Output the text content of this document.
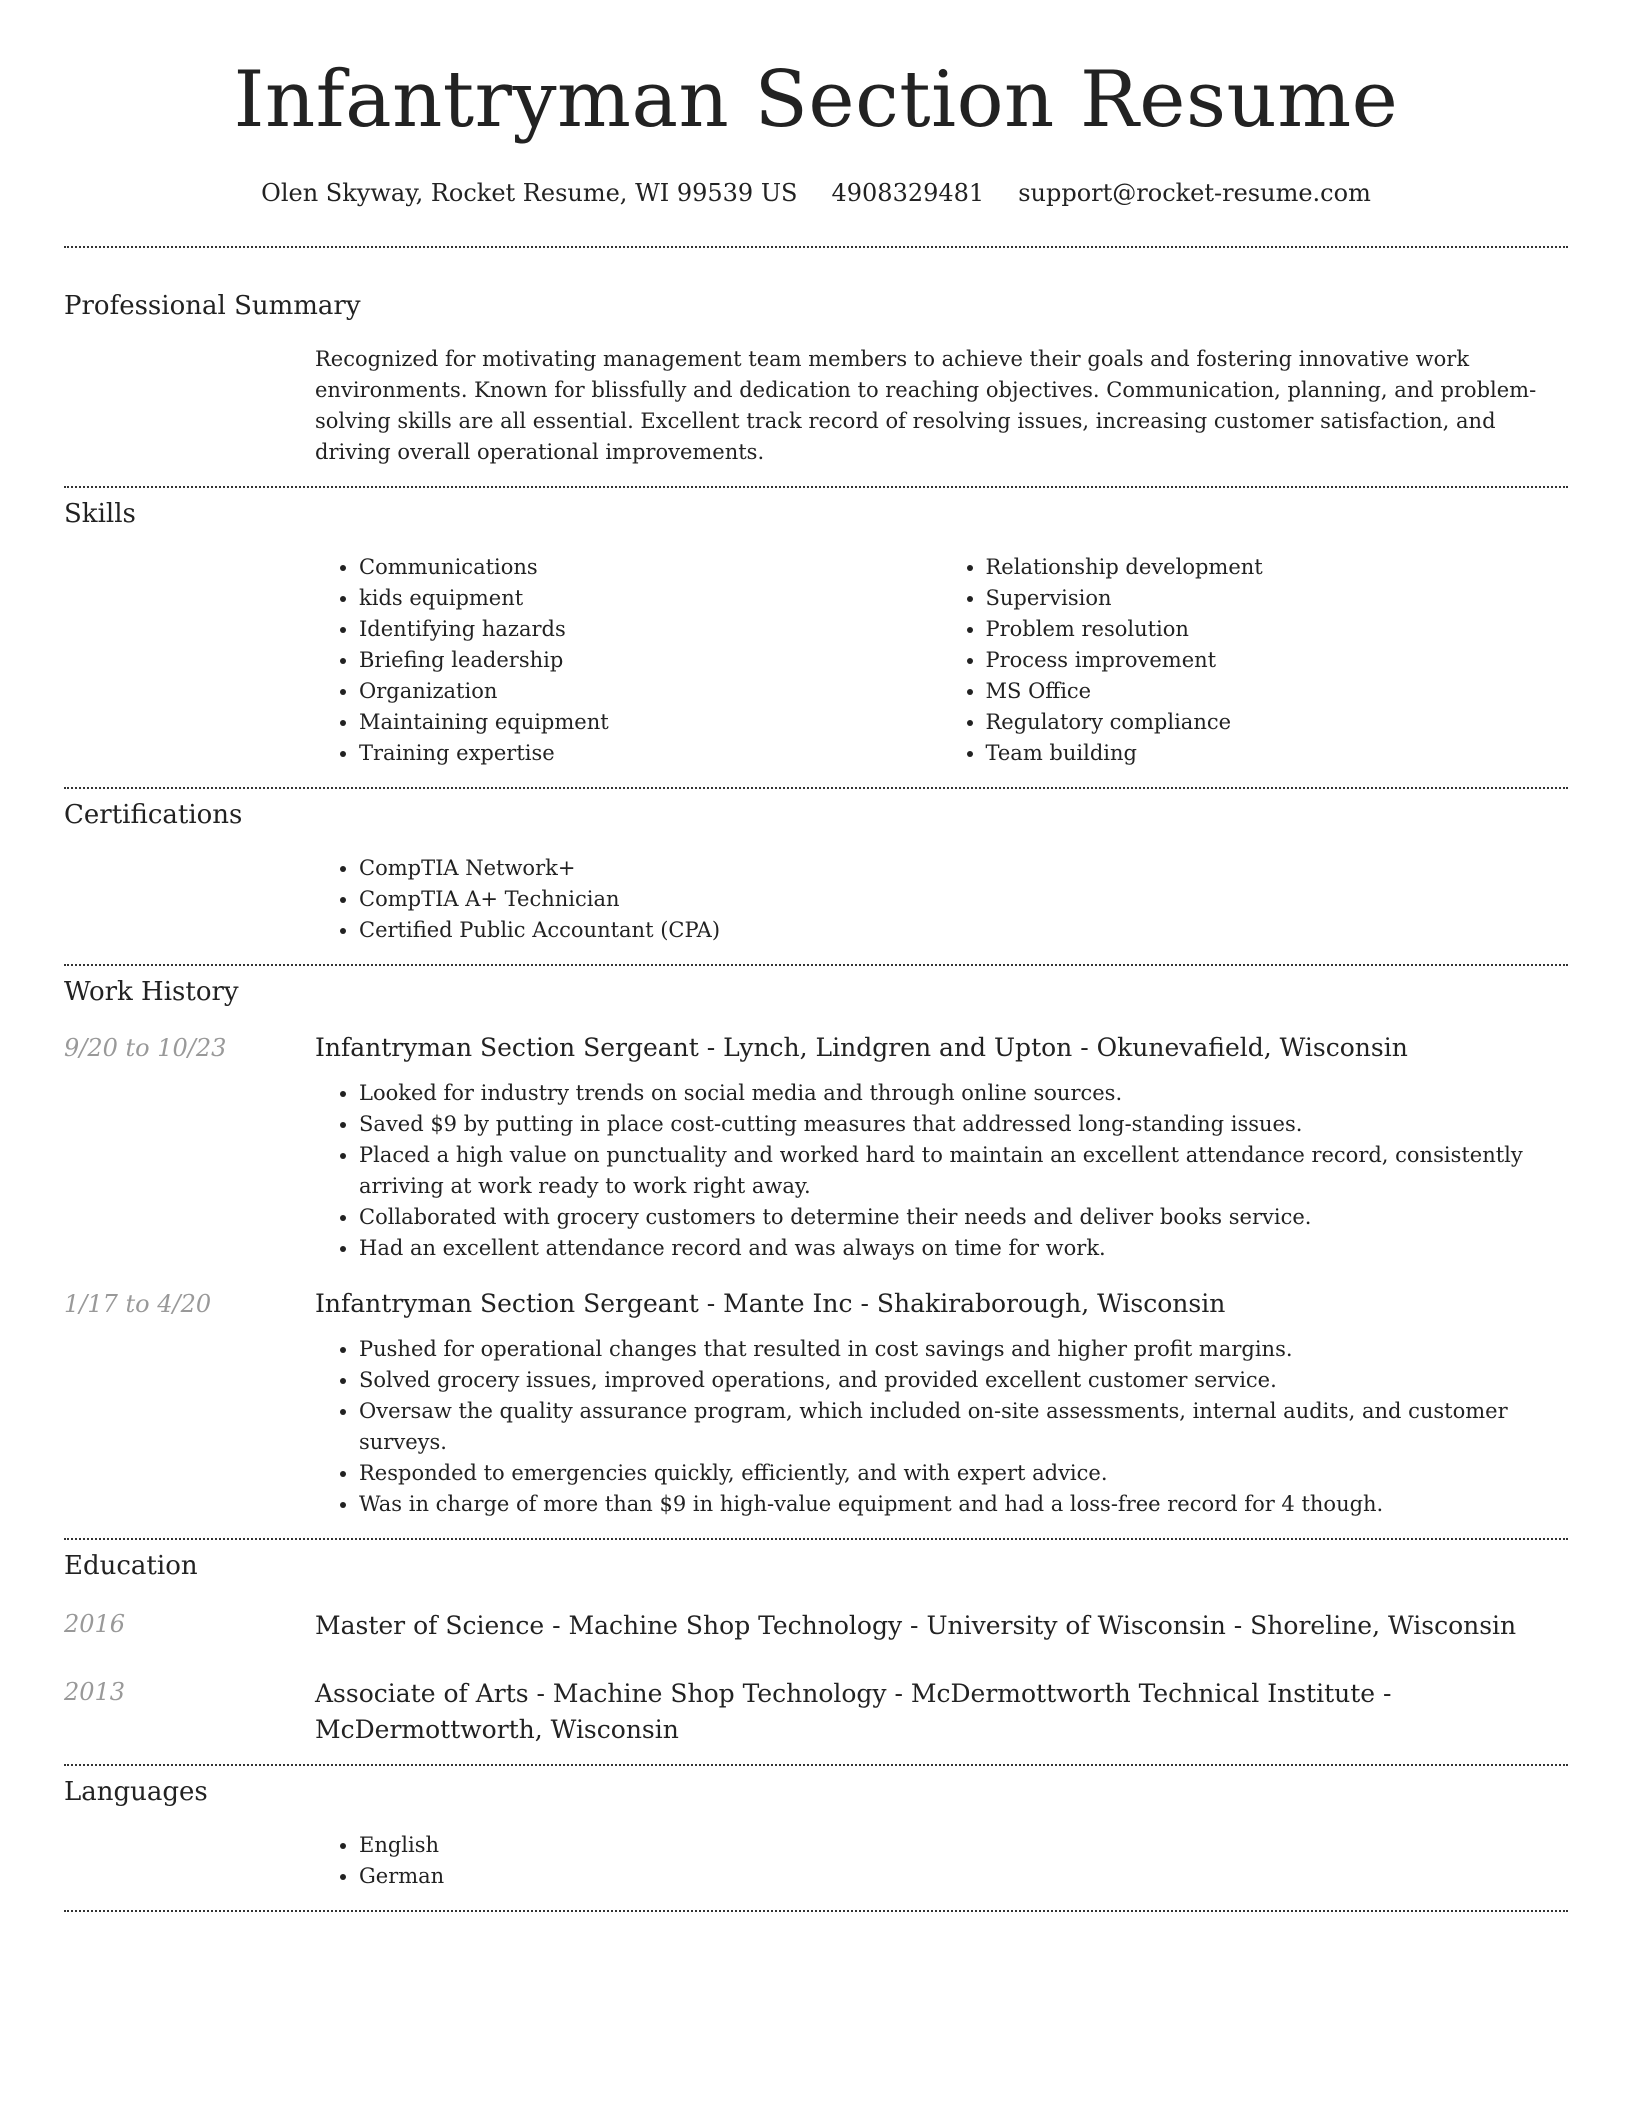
Infantryman Section Resume
Olen Skyway, Rocket Resume, WI 99539 US 4908329481 support@rocket-resume.com
Professional Summary
Recognized for motivating management team members to achieve their goals and fostering innovative work environments. Known for blissfully and dedication to reaching objectives. Communication, planning, and problem-solving skills are all essential. Excellent track record of resolving issues, increasing customer satisfaction, and driving overall operational improvements.
Skills
• Communications
• kids equipment
• Identifying hazards
• Briefing leadership
• Organization
• Maintaining equipment
• Training expertise
• Relationship development
• Supervision
• Problem resolution
• Process improvement
• MS Office
• Regulatory compliance
• Team building
Certifications
• CompTIA Network+
• CompTIA A+ Technician
• Certified Public Accountant (CPA)
Work History
9/20 to 10/23	Infantryman Section Sergeant - Lynch, Lindgren and Upton - Okunevafield, Wisconsin
• Looked for industry trends on social media and through online sources.
• Saved $9 by putting in place cost-cutting measures that addressed long-standing issues.
• Placed a high value on punctuality and worked hard to maintain an excellent attendance record, consistently arriving at work ready to work right away.
• Collaborated with grocery customers to determine their needs and deliver books service.
• Had an excellent attendance record and was always on time for work.
1/17 to 4/20	Infantryman Section Sergeant - Mante Inc - Shakiraborough, Wisconsin
• Pushed for operational changes that resulted in cost savings and higher profit margins.
• Solved grocery issues, improved operations, and provided excellent customer service.
• Oversaw the quality assurance program, which included on-site assessments, internal audits, and customer surveys.
• Responded to emergencies quickly, efficiently, and with expert advice.
• Was in charge of more than $9 in high-value equipment and had a loss-free record for 4 though.
Education
2016	Master of Science - Machine Shop Technology - University of Wisconsin - Shoreline, Wisconsin
2013	Associate of Arts - Machine Shop Technology - McDermottworth Technical Institute - McDermottworth, Wisconsin
Languages
• English
• German
